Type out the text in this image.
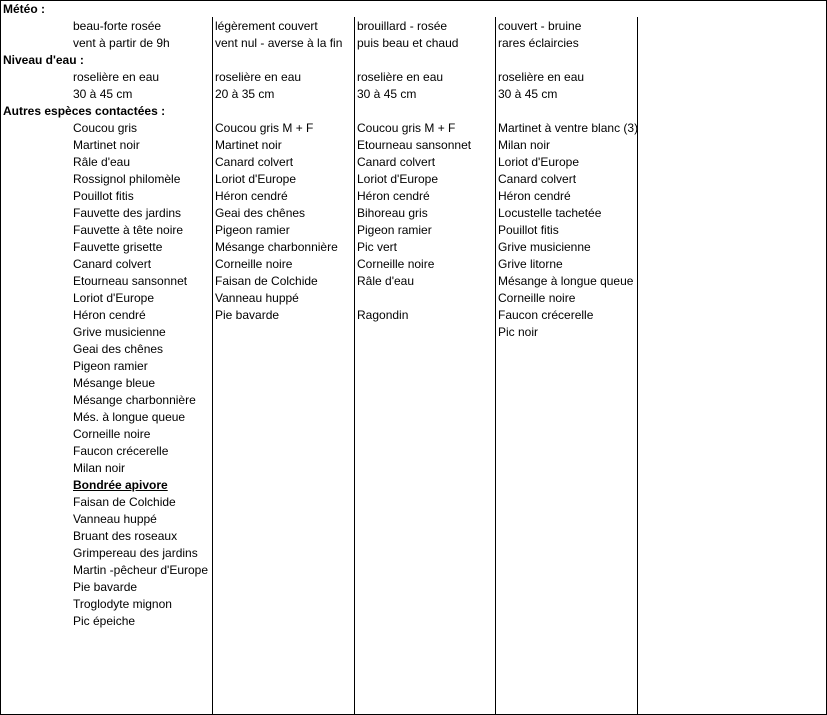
Météo :
Niveau d'eau :
Autres espèces contactées :
beau-forte rosée
vent à partir de 9h
légèrement couvert
vent nul - averse à la fin
brouillard - rosée
puis beau et chaud
couvert - bruine
rares éclaircies
roselière en eau
30 à 45 cm
roselière en eau
20 à 35 cm
roselière en eau
30 à 45 cm
roselière en eau
30 à 45 cm
Coucou gris
Martinet noir
Râle d'eau
Rossignol philomèle
Pouillot fitis
Fauvette des jardins
Fauvette à tête noire
Fauvette grisette
Canard colvert
Etourneau sansonnet
Loriot d'Europe
Héron cendré
Grive musicienne
Geai des chênes
Pigeon ramier
Mésange bleue
Mésange charbonnière
Més. à longue queue
Corneille noire
Faucon crécerelle
Milan noir
Bondrée apivore
Faisan de Colchide
Vanneau huppé
Bruant des roseaux
Grimpereau des jardins
Martin -pêcheur d'Europe
Pie bavarde
Troglodyte mignon
Pic épeiche
Coucou gris M + F
Martinet noir
Canard colvert
Loriot d'Europe
Héron cendré
Geai des chênes
Pigeon ramier
Mésange charbonnière
Corneille noire
Faisan de Colchide
Vanneau huppé
Pie bavarde
Coucou gris M + F
Etourneau sansonnet
Canard colvert
Loriot d'Europe
Héron cendré
Bihoreau gris
Pigeon ramier
Pic vert
Corneille noire
Râle d'eau
Ragondin
Martinet à ventre blanc (3)
Milan noir
Loriot d'Europe
Canard colvert
Héron cendré
Locustelle tachetée
Pouillot fitis
Grive musicienne
Grive litorne
Mésange à longue queue
Corneille noire
Faucon crécerelle
Pic noir
